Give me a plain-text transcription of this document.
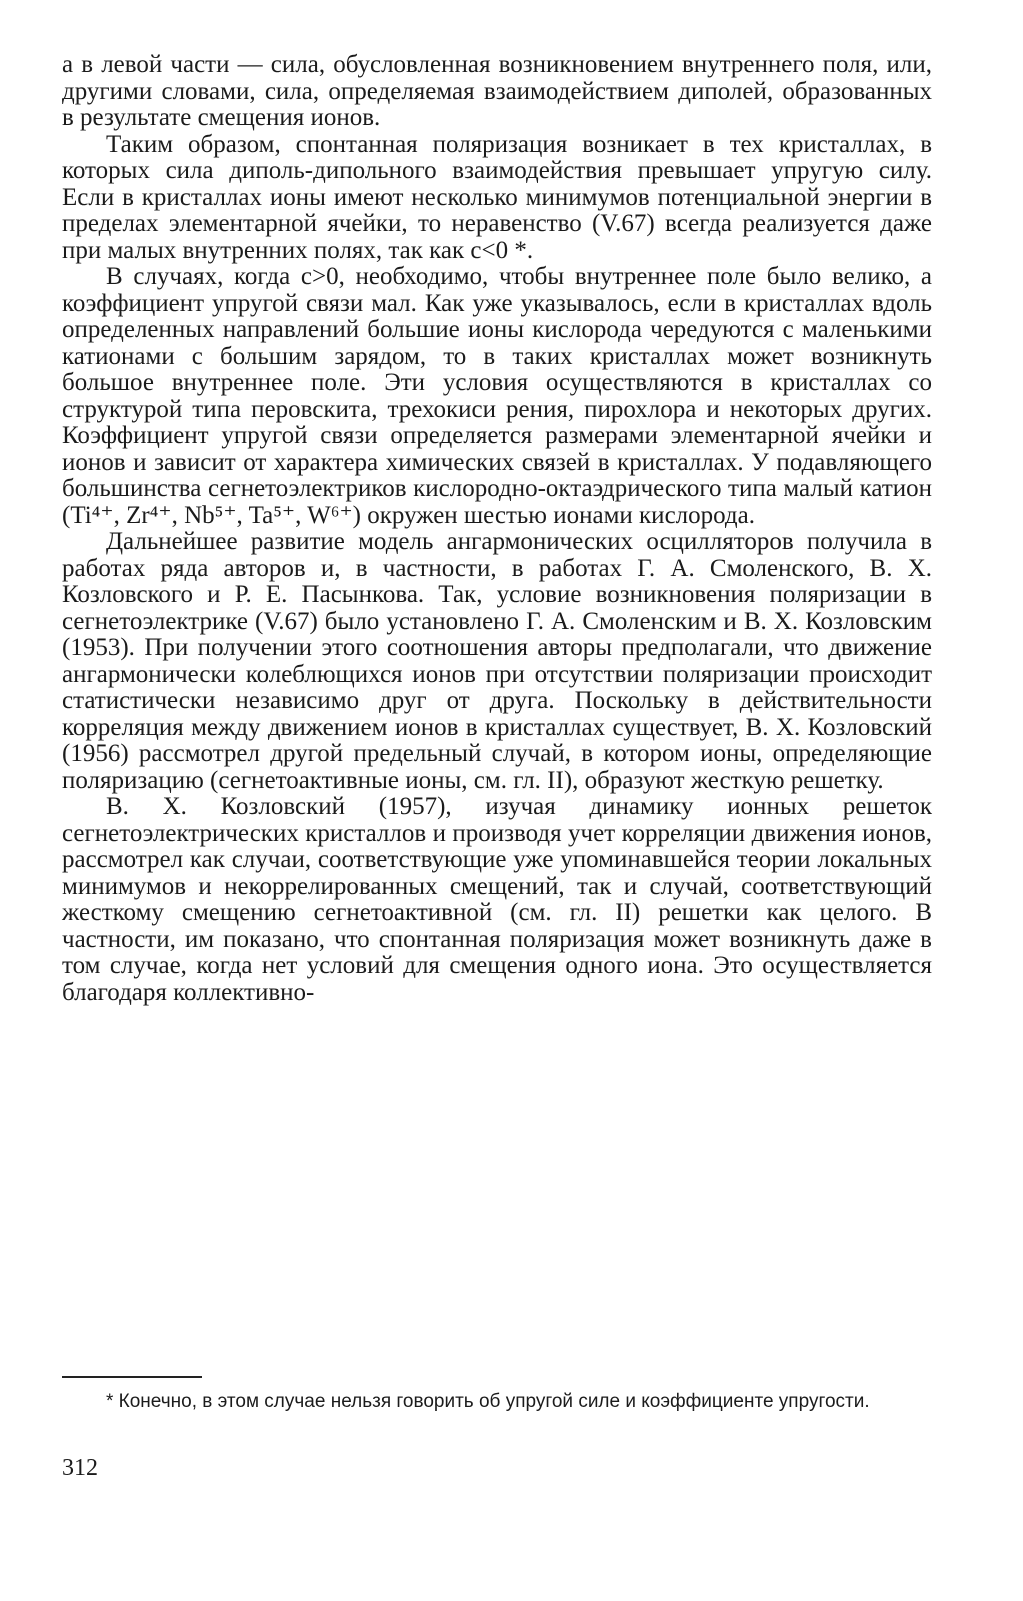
а в левой части — сила, обусловленная возникновением внутреннего поля, или, другими словами, сила, определяемая взаимодействием диполей, образованных в результате смещения ионов.

Таким образом, спонтанная поляризация возникает в тех кристаллах, в которых сила диполь-дипольного взаимодействия превышает упругую силу. Если в кристаллах ионы имеют несколько минимумов потенциальной энергии в пределах элементарной ячейки, то неравенство (V.67) всегда реализуется даже при малых внутренних полях, так как c<0 *.

В случаях, когда c>0, необходимо, чтобы внутреннее поле было велико, а коэффициент упругой связи мал. Как уже указывалось, если в кристаллах вдоль определенных направлений большие ионы кислорода чередуются с маленькими катионами с большим зарядом, то в таких кристаллах может возникнуть большое внутреннее поле. Эти условия осуществляются в кристаллах со структурой типа перовскита, трехокиси рения, пирохлора и некоторых других. Коэффициент упругой связи определяется размерами элементарной ячейки и ионов и зависит от характера химических связей в кристаллах. У подавляющего большинства сегнетоэлектриков кислородно-октаэдрического типа малый катион (Ti⁴⁺, Zr⁴⁺, Nb⁵⁺, Ta⁵⁺, W⁶⁺) окружен шестью ионами кислорода.

Дальнейшее развитие модель ангармонических осцилляторов получила в работах ряда авторов и, в частности, в работах Г. А. Смоленского, В. Х. Козловского и Р. Е. Пасынкова. Так, условие возникновения поляризации в сегнетоэлектрике (V.67) было установлено Г. А. Смоленским и В. Х. Козловским (1953). При получении этого соотношения авторы предполагали, что движение ангармонически колеблющихся ионов при отсутствии поляризации происходит статистически независимо друг от друга. Поскольку в действительности корреляция между движением ионов в кристаллах существует, В. Х. Козловский (1956) рассмотрел другой предельный случай, в котором ионы, определяющие поляризацию (сегнетоактивные ионы, см. гл. II), образуют жесткую решетку.

В. Х. Козловский (1957), изучая динамику ионных решеток сегнетоэлектрических кристаллов и производя учет корреляции движения ионов, рассмотрел как случаи, соответствующие уже упоминавшейся теории локальных минимумов и некоррелированных смещений, так и случай, соответствующий жесткому смещению сегнетоактивной (см. гл. II) решетки как целого. В частности, им показано, что спонтанная поляризация может возникнуть даже в том случае, когда нет условий для смещения одного иона. Это осуществляется благодаря коллективно-

* Конечно, в этом случае нельзя говорить об упругой силе и коэффициенте упругости.

312
